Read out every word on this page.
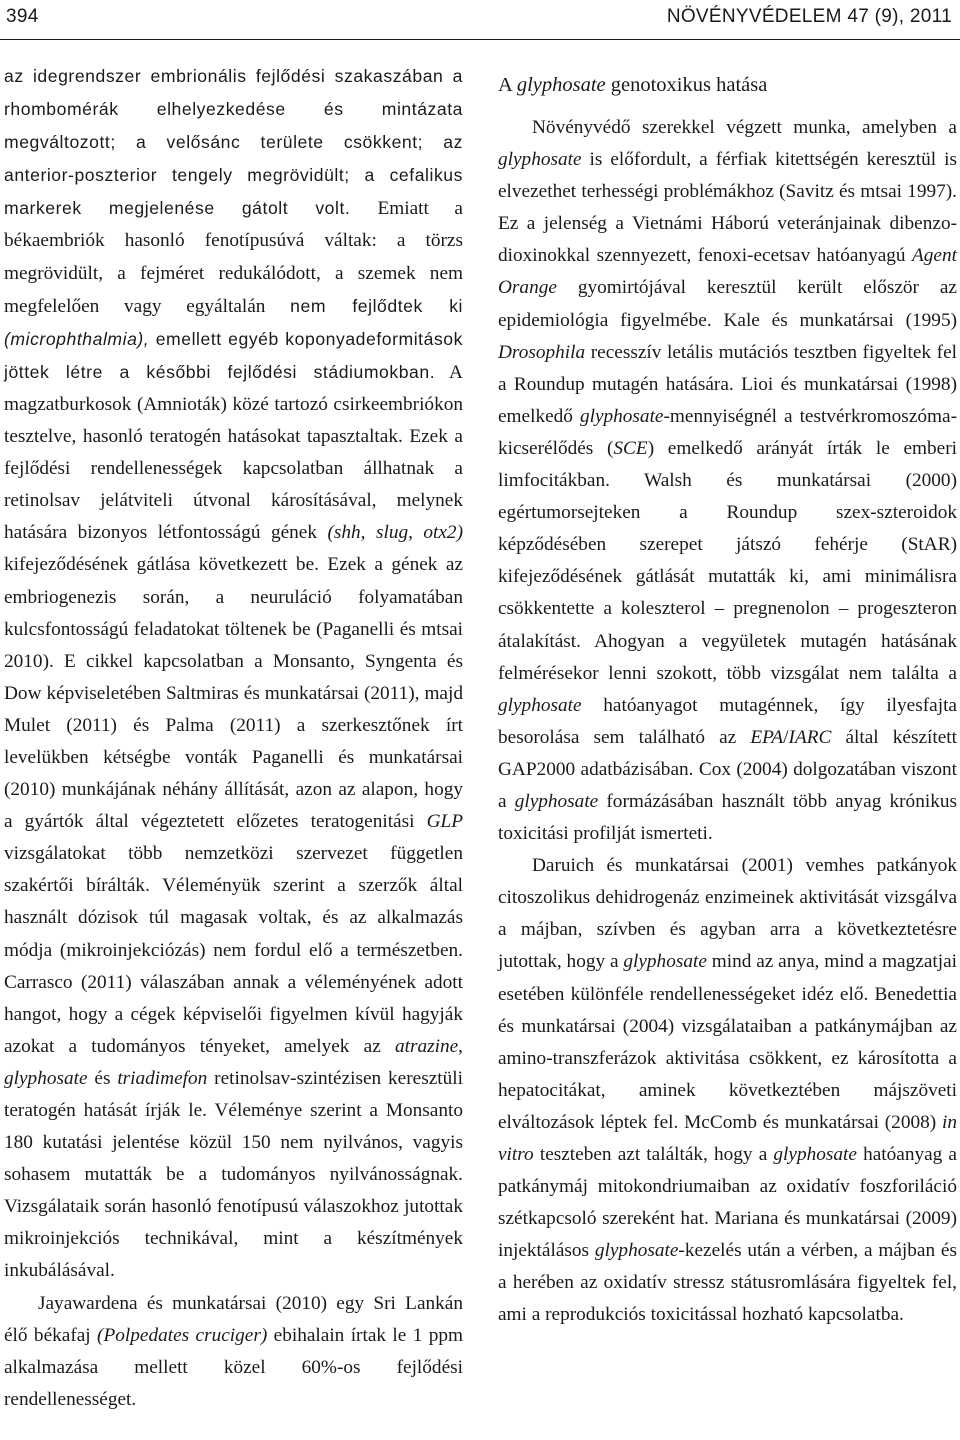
394	NÖVÉNYVÉDELEM 47 (9), 2011

az idegrendszer embrionális fejlődési szakaszában a rhombomérák elhelyezkedése és mintázata megváltozott; a velősánc területe csökkent; az anterior-poszterior tengely megrövidült; a cefalikus markerek megjelenése gátolt volt. Emiatt a békaembriók hasonló fenotípusúvá váltak: a törzs megrövidült, a fejméret redukálódott, a szemek nem megfelelően vagy egyáltalán nem fejlődtek ki (microphthalmia), emellett egyéb koponyadeformitások jöttek létre a későbbi fejlődési stádiumokban. A magzatburkosok (Amnioták) közé tartozó csirkeembriókon tesztelve, hasonló teratogén hatásokat tapasztaltak. Ezek a fejlődési rendellenességek kapcsolatban állhatnak a retinolsav jelátviteli útvonal károsításával, melynek hatására bizonyos létfontosságú gének (shh, slug, otx2) kifejeződésének gátlása következett be. Ezek a gének az embriogenezis során, a neuruláció folyamatában kulcsfontosságú feladatokat töltenek be (Paganelli és mtsai 2010). E cikkel kapcsolatban a Monsanto, Syngenta és Dow képviseletében Saltmiras és munkatársai (2011), majd Mulet (2011) és Palma (2011) a szerkesztőnek írt levelükben kétségbe vonták Paganelli és munkatársai (2010) munkájának néhány állítását, azon az alapon, hogy a gyártók által végeztetett előzetes teratogenitási GLP vizsgálatokat több nemzetközi szervezet független szakértői bírálták. Véleményük szerint a szerzők által használt dózisok túl magasak voltak, és az alkalmazás módja (mikroinjekciózás) nem fordul elő a természetben. Carrasco (2011) válaszában annak a véleményének adott hangot, hogy a cégek képviselői figyelmen kívül hagyják azokat a tudományos tényeket, amelyek az atrazine, glyphosate és triadimefon retinolsav-szintézisen keresztüli teratogén hatását írják le. Véleménye szerint a Monsanto 180 kutatási jelentése közül 150 nem nyilvános, vagyis sohasem mutatták be a tudományos nyilvánosságnak. Vizsgálataik során hasonló fenotípusú válaszokhoz jutottak mikroinjekciós technikával, mint a készítmények inkubálásával.

Jayawardena és munkatársai (2010) egy Sri Lankán élő békafaj (Polpedates cruciger) ebihalain írtak le 1 ppm alkalmazása mellett közel 60%-os fejlődési rendellenességet.

A glyphosate genotoxikus hatása

Növényvédő szerekkel végzett munka, amelyben a glyphosate is előfordult, a férfiak kitettségén keresztül is elvezethet terhességi problémákhoz (Savitz és mtsai 1997). Ez a jelenség a Vietnámi Háború veteránjainak dibenzo-dioxinokkal szennyezett, fenoxi-ecetsav hatóanyagú Agent Orange gyomirtójával keresztül került először az epidemiológia figyelmébe. Kale és munkatársai (1995) Drosophila recesszív letális mutációs tesztben figyeltek fel a Roundup mutagén hatására. Lioi és munkatársai (1998) emelkedő glyphosate-mennyiségnél a testvérkromoszóma-kicserélődés (SCE) emelkedő arányát írták le emberi limfocitákban. Walsh és munkatársai (2000) egértumorsejteken a Roundup szex-szteroidok képződésében szerepet játszó fehérje (StAR) kifejeződésének gátlását mutatták ki, ami minimálisra csökkentette a koleszterol – pregnenolon – progeszteron átalakítást. Ahogyan a vegyületek mutagén hatásának felmérésekor lenni szokott, több vizsgálat nem találta a glyphosate hatóanyagot mutagénnek, így ilyesfajta besorolása sem található az EPA/IARC által készített GAP2000 adatbázisában. Cox (2004) dolgozatában viszont a glyphosate formázásában használt több anyag krónikus toxicitási profilját ismerteti.

Daruich és munkatársai (2001) vemhes patkányok citoszolikus dehidrogenáz enzimeinek aktivitását vizsgálva a májban, szívben és agyban arra a következtetésre jutottak, hogy a glyphosate mind az anya, mind a magzatjai esetében különféle rendellenességeket idéz elő. Benedettia és munkatársai (2004) vizsgálataiban a patkánymájban az amino-transzferázok aktivitása csökkent, ez károsította a hepatocitákat, aminek következtében májszöveti elváltozások léptek fel. McComb és munkatársai (2008) in vitro teszteben azt találták, hogy a glyphosate hatóanyag a patkánymáj mitokondriumaiban az oxidatív foszforiláció szétkapcsoló szereként hat. Mariana és munkatársai (2009) injektálásos glyphosate-kezelés után a vérben, a májban és a herében az oxidatív stressz státusromlására figyeltek fel, ami a reprodukciós toxicitással hozható kapcsolatba.
